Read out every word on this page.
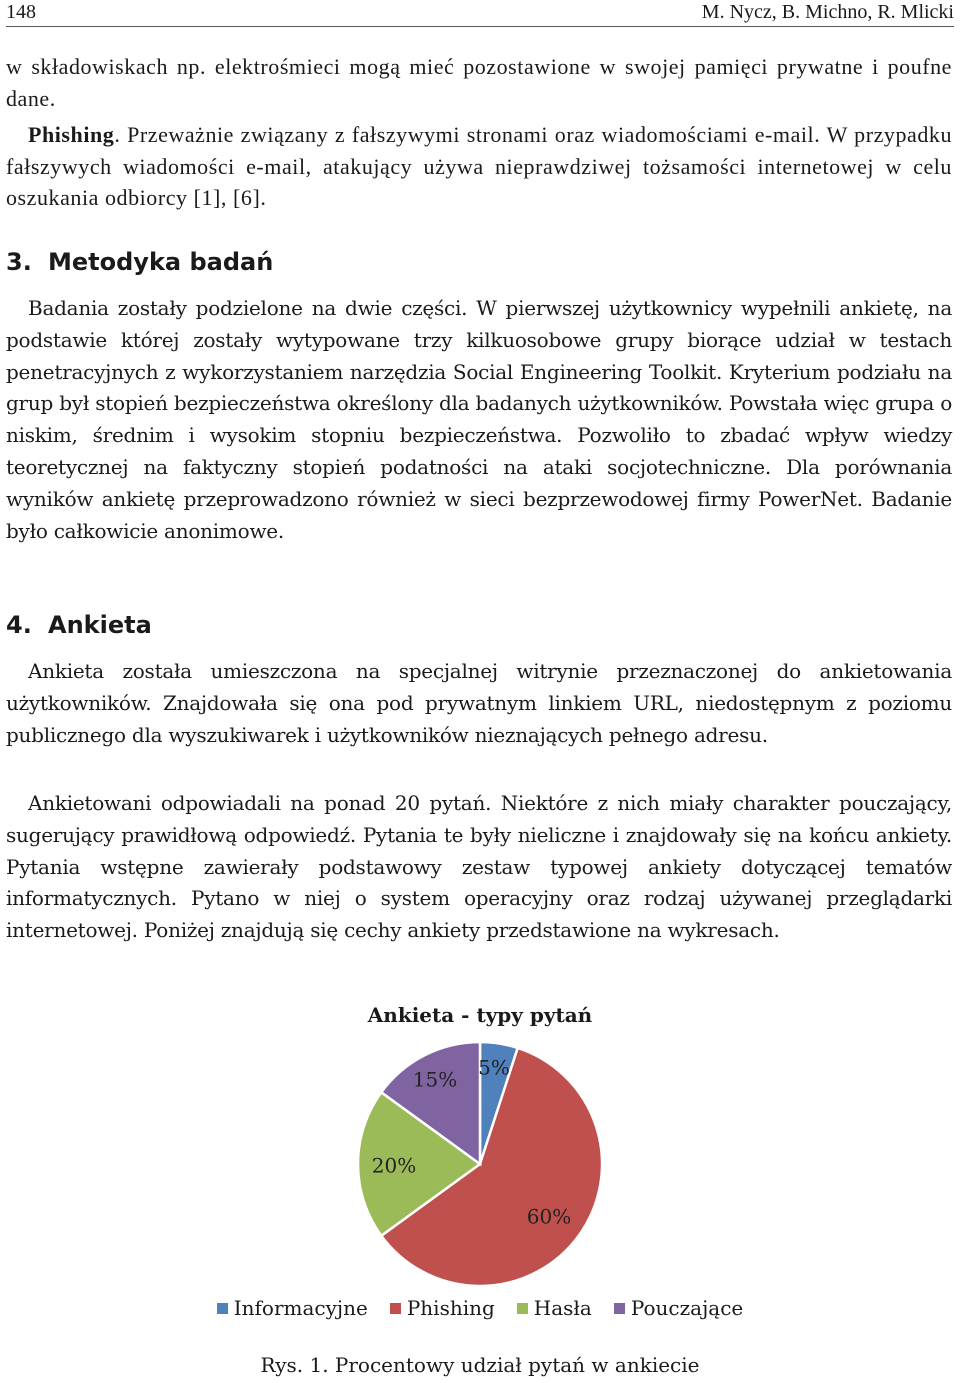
148	M. Nycz, B. Michno, R. Mlicki

w składowiskach np. elektrośmieci mogą mieć pozostawione w swojej pamięci prywatne i poufne dane.

Phishing. Przeważnie związany z fałszywymi stronami oraz wiadomościami e-mail. W przypadku fałszywych wiadomości e-mail, atakujący używa nieprawdziwej tożsamości internetowej w celu oszukania odbiorcy [1], [6].

3. Metodyka badań

Badania zostały podzielone na dwie części. W pierwszej użytkownicy wypełnili ankietę, na podstawie której zostały wytypowane trzy kilkuosobowe grupy biorące udział w testach penetracyjnych z wykorzystaniem narzędzia Social Engineering Toolkit. Kryterium podziału na grup był stopień bezpieczeństwa określony dla badanych użytkowników. Powstała więc grupa o niskim, średnim i wysokim stopniu bezpieczeństwa. Pozwoliło to zbadać wpływ wiedzy teoretycznej na faktyczny stopień podatności na ataki socjotechniczne. Dla porównania wyników ankietę przeprowadzono również w sieci bezprzewodowej firmy PowerNet. Badanie było całkowicie anonimowe.

4. Ankieta

Ankieta została umieszczona na specjalnej witrynie przeznaczonej do ankietowania użytkowników. Znajdowała się ona pod prywatnym linkiem URL, niedostępnym z poziomu publicznego dla wyszukiwarek i użytkowników nieznających pełnego adresu.

Ankietowani odpowiadali na ponad 20 pytań. Niektóre z nich miały charakter pouczający, sugerujący prawidłową odpowiedź. Pytania te były nieliczne i znajdowały się na końcu ankiety. Pytania wstępne zawierały podstawowy zestaw typowej ankiety dotyczącej tematów informatycznych. Pytano w niej o system operacyjny oraz rodzaj używanej przeglądarki internetowej. Poniżej znajdują się cechy ankiety przedstawione na wykresach.

Ankieta - typy pytań
5%
60%
20%
15%
Informacyjne Phishing Hasła Pouczające
Rys. 1. Procentowy udział pytań w ankiecie
